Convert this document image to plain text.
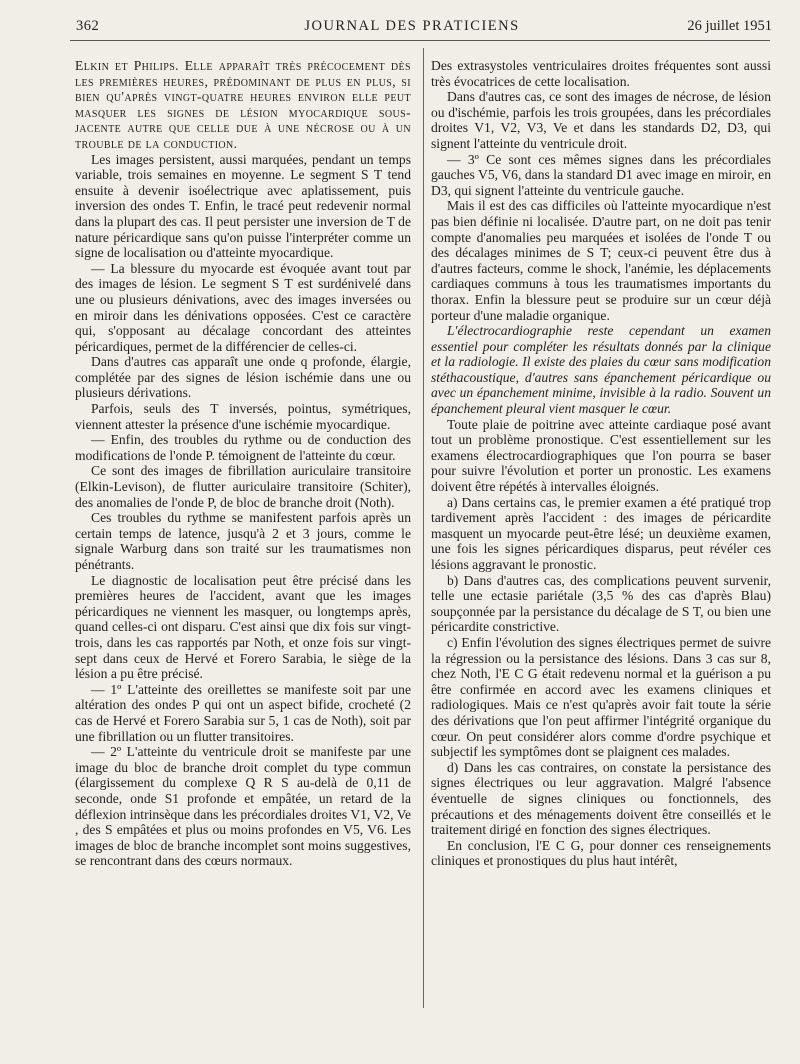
362	JOURNAL DES PRATICIENS	26 juillet 1951

Elkin et Philips. Elle apparaît très précocement dès les premières heures, prédominant de plus en plus, si bien qu'après vingt-quatre heures environ elle peut masquer les signes de lésion myocardique sous-jacente autre que celle due à une nécrose ou à un trouble de la conduction.

Les images persistent, aussi marquées, pendant un temps variable, trois semaines en moyenne. Le segment S T tend ensuite à devenir isoélectrique avec aplatissement, puis inversion des ondes T. Enfin, le tracé peut redevenir normal dans la plupart des cas. Il peut persister une inversion de T de nature péricardique sans qu'on puisse l'interpréter comme un signe de localisation ou d'atteinte myocardique.

— La blessure du myocarde est évoquée avant tout par des images de lésion. Le segment S T est surdénivelé dans une ou plusieurs dénivations, avec des images inversées ou en miroir dans les dénivations opposées. C'est ce caractère qui, s'opposant au décalage concordant des atteintes péricardiques, permet de la différencier de celles-ci.

Dans d'autres cas apparaît une onde q profonde, élargie, complétée par des signes de lésion ischémie dans une ou plusieurs dérivations.

Parfois, seuls des T inversés, pointus, symétriques, viennent attester la présence d'une ischémie myocardique.

— Enfin, des troubles du rythme ou de conduction des modifications de l'onde P. témoignent de l'atteinte du cœur.

Ce sont des images de fibrillation auriculaire transitoire (Elkin-Levison), de flutter auriculaire transitoire (Schiter), des anomalies de l'onde P, de bloc de branche droit (Noth).

Ces troubles du rythme se manifestent parfois après un certain temps de latence, jusqu'à 2 et 3 jours, comme le signale Warburg dans son traité sur les traumatismes non pénétrants.

Le diagnostic de localisation peut être précisé dans les premières heures de l'accident, avant que les images péricardiques ne viennent les masquer, ou longtemps après, quand celles-ci ont disparu. C'est ainsi que dix fois sur vingt-trois, dans les cas rapportés par Noth, et onze fois sur vingt-sept dans ceux de Hervé et Forero Sarabia, le siège de la lésion a pu être précisé.

— 1º L'atteinte des oreillettes se manifeste soit par une altération des ondes P qui ont un aspect bifide, crocheté (2 cas de Hervé et Forero Sarabia sur 5, 1 cas de Noth), soit par une fibrillation ou un flutter transitoires.

— 2º L'atteinte du ventricule droit se manifeste par une image du bloc de branche droit complet du type commun (élargissement du complexe Q R S au-delà de 0,11 de seconde, onde S1 profonde et empâtée, un retard de la déflexion intrinsèque dans les précordiales droites V1, V2, Ve , des S empâtées et plus ou moins profondes en V5, V6. Les images de bloc de branche incomplet sont moins suggestives, se rencontrant dans des cœurs normaux.

Des extrasystoles ventriculaires droites fréquentes sont aussi très évocatrices de cette localisation.

Dans d'autres cas, ce sont des images de nécrose, de lésion ou d'ischémie, parfois les trois groupées, dans les précordiales droites V1, V2, V3, Ve et dans les standards D2, D3, qui signent l'atteinte du ventricule droit.

— 3º Ce sont ces mêmes signes dans les précordiales gauches V5, V6, dans la standard D1 avec image en miroir, en D3, qui signent l'atteinte du ventricule gauche.

Mais il est des cas difficiles où l'atteinte myocardique n'est pas bien définie ni localisée. D'autre part, on ne doit pas tenir compte d'anomalies peu marquées et isolées de l'onde T ou des décalages minimes de S T; ceux-ci peuvent être dus à d'autres facteurs, comme le shock, l'anémie, les déplacements cardiaques communs à tous les traumatismes importants du thorax. Enfin la blessure peut se produire sur un cœur déjà porteur d'une maladie organique.

L'électrocardiographie reste cependant un examen essentiel pour compléter les résultats donnés par la clinique et la radiologie. Il existe des plaies du cœur sans modification stéthacoustique, d'autres sans épanchement péricardique ou avec un épanchement minime, invisible à la radio. Souvent un épanchement pleural vient masquer le cœur.

Toute plaie de poitrine avec atteinte cardiaque posé avant tout un problème pronostique. C'est essentiellement sur les examens électrocardiographiques que l'on pourra se baser pour suivre l'évolution et porter un pronostic. Les examens doivent être répétés à intervalles éloignés.

a) Dans certains cas, le premier examen a été pratiqué trop tardivement après l'accident : des images de péricardite masquent un myocarde peut-être lésé; un deuxième examen, une fois les signes péricardiques disparus, peut révéler ces lésions aggravant le pronostic.

b) Dans d'autres cas, des complications peuvent survenir, telle une ectasie pariétale (3,5 % des cas d'après Blau) soupçonnée par la persistance du décalage de S T, ou bien une péricardite constrictive.

c) Enfin l'évolution des signes électriques permet de suivre la régression ou la persistance des lésions. Dans 3 cas sur 8, chez Noth, l'E C G était redevenu normal et la guérison a pu être confirmée en accord avec les examens cliniques et radiologiques. Mais ce n'est qu'après avoir fait toute la série des dérivations que l'on peut affirmer l'intégrité organique du cœur. On peut considérer alors comme d'ordre psychique et subjectif les symptômes dont se plaignent ces malades.

d) Dans les cas contraires, on constate la persistance des signes électriques ou leur aggravation. Malgré l'absence éventuelle de signes cliniques ou fonctionnels, des précautions et des ménagements doivent être conseillés et le traitement dirigé en fonction des signes électriques.

En conclusion, l'E C G, pour donner ces renseignements cliniques et pronostiques du plus haut intérêt,
